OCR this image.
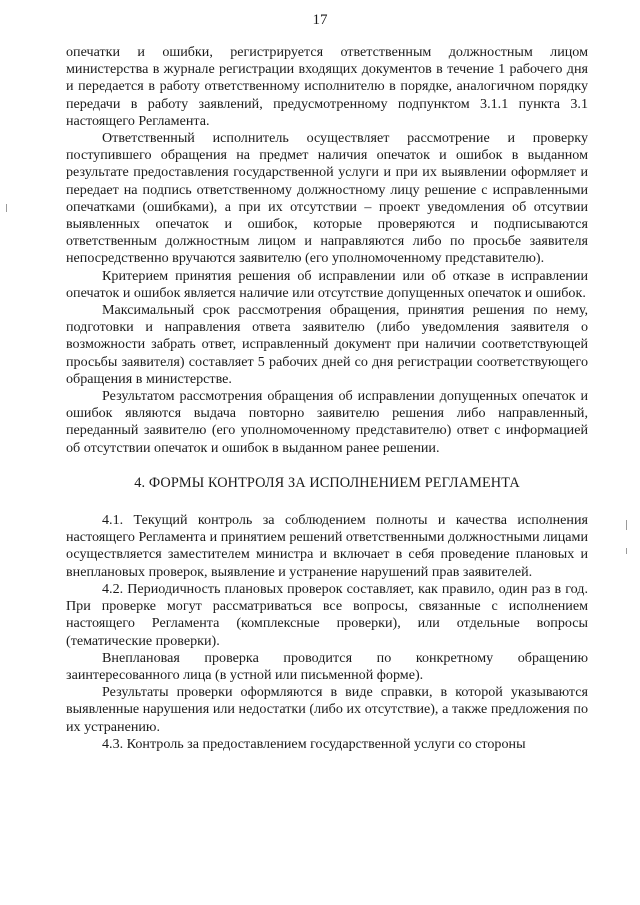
17

опечатки и ошибки, регистрируется ответственным должностным лицом министерства в журнале регистрации входящих документов в течение 1 рабочего дня и передается в работу ответственному исполнителю в порядке, аналогичном порядку передачи в работу заявлений, предусмотренному подпунктом 3.1.1 пункта 3.1 настоящего Регламента.

Ответственный исполнитель осуществляет рассмотрение и проверку поступившего обращения на предмет наличия опечаток и ошибок в выданном результате предоставления государственной услуги и при их выявлении оформляет и передает на подпись ответственному должностному лицу решение с исправленными опечатками (ошибками), а при их отсутствии – проект уведомления об отсутвии выявленных опечаток и ошибок, которые проверяются и подписываются ответственным должностным лицом и направляются либо по просьбе заявителя непосредственно вручаются заявителю (его уполномоченному представителю).

Критерием принятия решения об исправлении или об отказе в исправлении опечаток и ошибок является наличие или отсутствие допущенных опечаток и ошибок.

Максимальный срок рассмотрения обращения, принятия решения по нему, подготовки и направления ответа заявителю (либо уведомления заявителя о возможности забрать ответ, исправленный документ при наличии соответствующей просьбы заявителя) составляет 5 рабочих дней со дня регистрации соответствующего обращения в министерстве.

Результатом рассмотрения обращения об исправлении допущенных опечаток и ошибок являются выдача повторно заявителю решения либо направленный, переданный заявителю (его уполномоченному представителю) ответ с информацией об отсутствии опечаток и ошибок в выданном ранее решении.

4. ФОРМЫ КОНТРОЛЯ ЗА ИСПОЛНЕНИЕМ РЕГЛАМЕНТА

4.1. Текущий контроль за соблюдением полноты и качества исполнения настоящего Регламента и принятием решений ответственными должностными лицами осуществляется заместителем министра и включает в себя проведение плановых и внеплановых проверок, выявление и устранение нарушений прав заявителей.

4.2. Периодичность плановых проверок составляет, как правило, один раз в год. При проверке могут рассматриваться все вопросы, связанные с исполнением настоящего Регламента (комплексные проверки), или отдельные вопросы (тематические проверки).

Внеплановая проверка проводится по конкретному обращению заинтересованного лица (в устной или письменной форме).

Результаты проверки оформляются в виде справки, в которой указываются выявленные нарушения или недостатки (либо их отсутствие), а также предложения по их устранению.

4.3. Контроль за предоставлением государственной услуги со стороны
